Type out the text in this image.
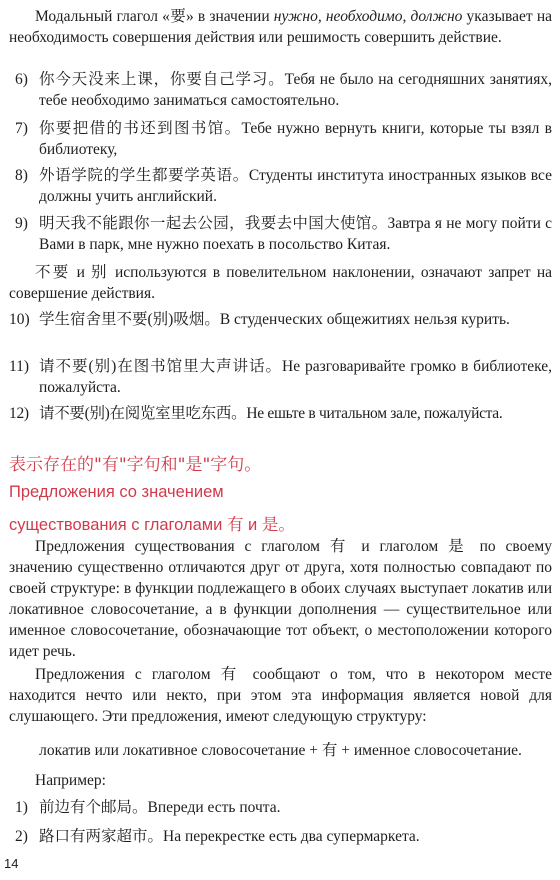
Модальный глагол «要» в значении нужно, необходимо, должно указывает на необходимость совершения действия или решимость совершить действие.
6) 你今天没来上课，你要自己学习。Тебя не было на сегодняшних занятиях, тебе необходимо заниматься самостоятельно.
7) 你要把借的书还到图书馆。Тебе нужно вернуть книги, которые ты взял в библиотеку,
8) 外语学院的学生都要学英语。Студенты института иностранных языков все должны учить английский.
9) 明天我不能跟你一起去公园，我要去中国大使馆。Завтра я не могу пойти с Вами в парк, мне нужно поехать в посольство Китая.
不要 и 别 используются в повелительном наклонении, означают запрет на совершение действия.
10) 学生宿舍里不要(别)吸烟。В студенческих общежитиях нельзя курить.
11) 请不要(别)在图书馆里大声讲话。Не разговаривайте громко в библиотеке, пожалуйста.
12) 请不要(别)在阅览室里吃东西。Не ешьте в читальном зале, пожалуйста.
表示存在的"有"字句和"是"字句。
Предложения со значением
существования с глаголами 有 и 是。
Предложения существования с глаголом 有 и глаголом 是 по своему значению существенно отличаются друг от друга, хотя полностью совпадают по своей структуре: в функции подлежащего в обоих случаях выступает локатив или локативное словосочетание, а в функции дополнения — существительное или именное словосочетание, обозначающие тот объект, о местоположении которого идет речь.
Предложения с глаголом 有 сообщают о том, что в некотором месте находится нечто или некто, при этом эта информация является новой для слушающего. Эти предложения, имеют следующую структуру:
локатив или локативное словосочетание + 有 + именное словосочетание.
Например:
1) 前边有个邮局。Впереди есть почта.
2) 路口有两家超市。На перекрестке есть два супермаркета.
14
